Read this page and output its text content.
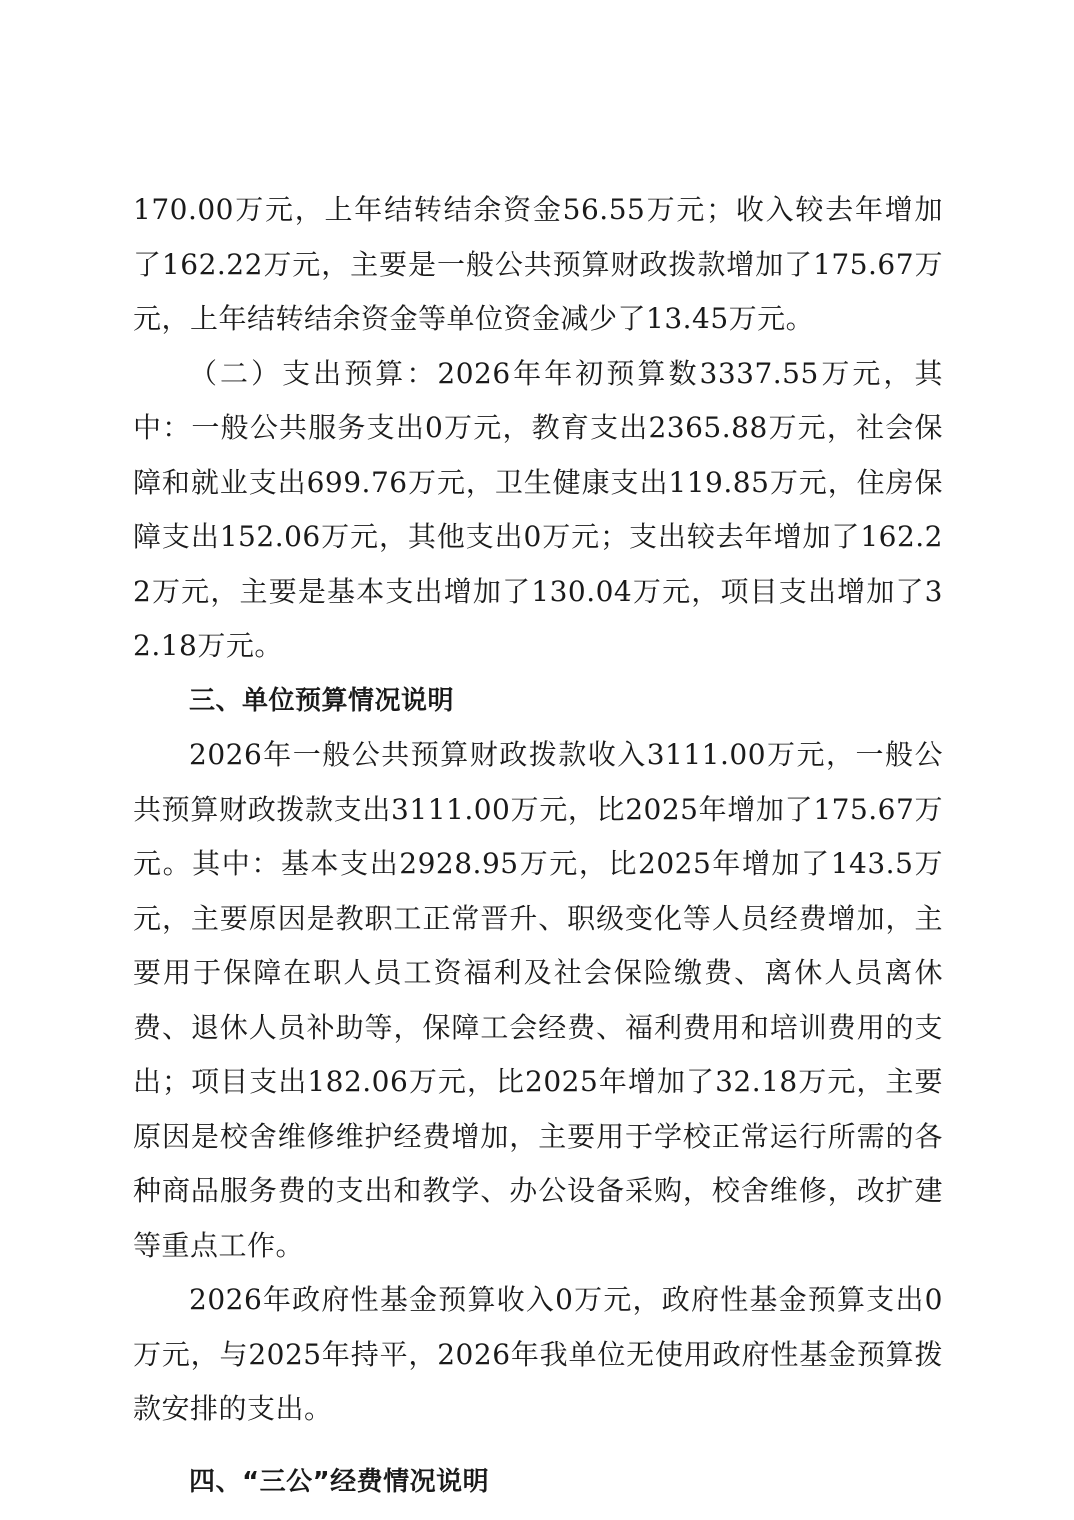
170.00万元，上年结转结余资金56.55万元；收入较去年增加了162.22万元，主要是一般公共预算财政拨款增加了175.67万元，上年结转结余资金等单位资金减少了13.45万元。

（二）支出预算：2026年年初预算数3337.55万元，其中：一般公共服务支出0万元，教育支出2365.88万元，社会保障和就业支出699.76万元，卫生健康支出119.85万元，住房保障支出152.06万元，其他支出0万元；支出较去年增加了162.22万元，主要是基本支出增加了130.04万元，项目支出增加了32.18万元。

三、单位预算情况说明

2026年一般公共预算财政拨款收入3111.00万元，一般公共预算财政拨款支出3111.00万元，比2025年增加了175.67万元。其中：基本支出2928.95万元，比2025年增加了143.5万元，主要原因是教职工正常晋升、职级变化等人员经费增加，主要用于保障在职人员工资福利及社会保险缴费、离休人员离休费、退休人员补助等，保障工会经费、福利费用和培训费用的支出；项目支出182.06万元，比2025年增加了32.18万元，主要原因是校舍维修维护经费增加，主要用于学校正常运行所需的各种商品服务费的支出和教学、办公设备采购，校舍维修，改扩建等重点工作。

2026年政府性基金预算收入0万元，政府性基金预算支出0万元，与2025年持平，2026年我单位无使用政府性基金预算拨款安排的支出。

四、“三公”经费情况说明
